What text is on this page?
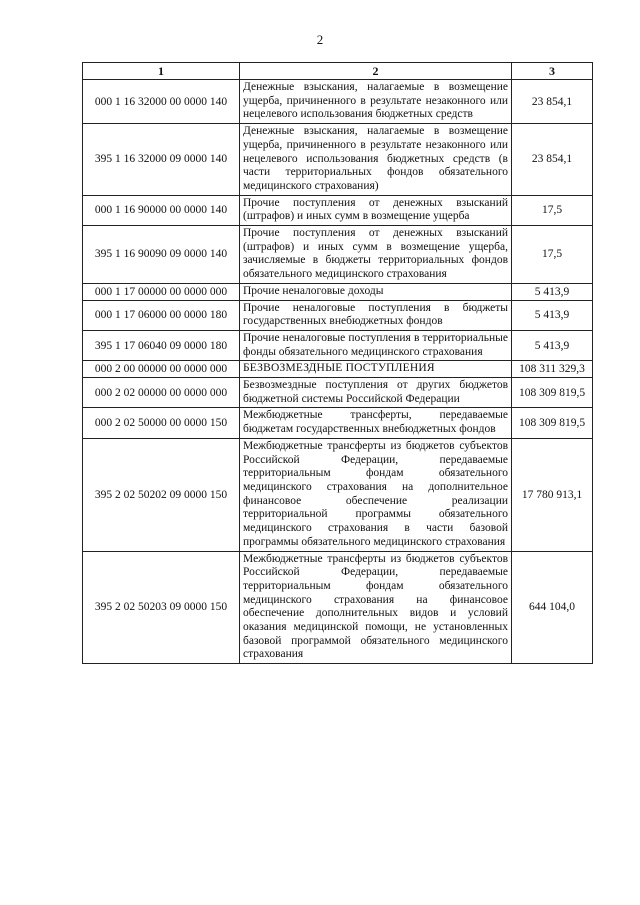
2
1	2	3
000 1 16 32000 00 0000 140	Денежные взыскания, налагаемые в возмещение ущерба, причиненного в результате незаконного или нецелевого использования бюджетных средств	23 854,1
395 1 16 32000 09 0000 140	Денежные взыскания, налагаемые в возмещение ущерба, причиненного в результате незаконного или нецелевого использования бюджетных средств (в части территориальных фондов обязательного медицинского страхования)	23 854,1
000 1 16 90000 00 0000 140	Прочие поступления от денежных взысканий (штрафов) и иных сумм в возмещение ущерба	17,5
395 1 16 90090 09 0000 140	Прочие поступления от денежных взысканий (штрафов) и иных сумм в возмещение ущерба, зачисляемые в бюджеты территориальных фондов обязательного медицинского страхования	17,5
000 1 17 00000 00 0000 000	Прочие неналоговые доходы	5 413,9
000 1 17 06000 00 0000 180	Прочие неналоговые поступления в бюджеты государственных внебюджетных фондов	5 413,9
395 1 17 06040 09 0000 180	Прочие неналоговые поступления в территориальные фонды обязательного медицинского страхования	5 413,9
000 2 00 00000 00 0000 000	БЕЗВОЗМЕЗДНЫЕ ПОСТУПЛЕНИЯ	108 311 329,3
000 2 02 00000 00 0000 000	Безвозмездные поступления от других бюджетов бюджетной системы Российской Федерации	108 309 819,5
000 2 02 50000 00 0000 150	Межбюджетные трансферты, передаваемые бюджетам государственных внебюджетных фондов	108 309 819,5
395 2 02 50202 09 0000 150	Межбюджетные трансферты из бюджетов субъектов Российской Федерации, передаваемые территориальным фондам обязательного медицинского страхования на дополнительное финансовое обеспечение реализации территориальной программы обязательного медицинского страхования в части базовой программы обязательного медицинского страхования	17 780 913,1
395 2 02 50203 09 0000 150	Межбюджетные трансферты из бюджетов субъектов Российской Федерации, передаваемые территориальным фондам обязательного медицинского страхования на финансовое обеспечение дополнительных видов и условий оказания медицинской помощи, не установленных базовой программой обязательного медицинского страхования	644 104,0
